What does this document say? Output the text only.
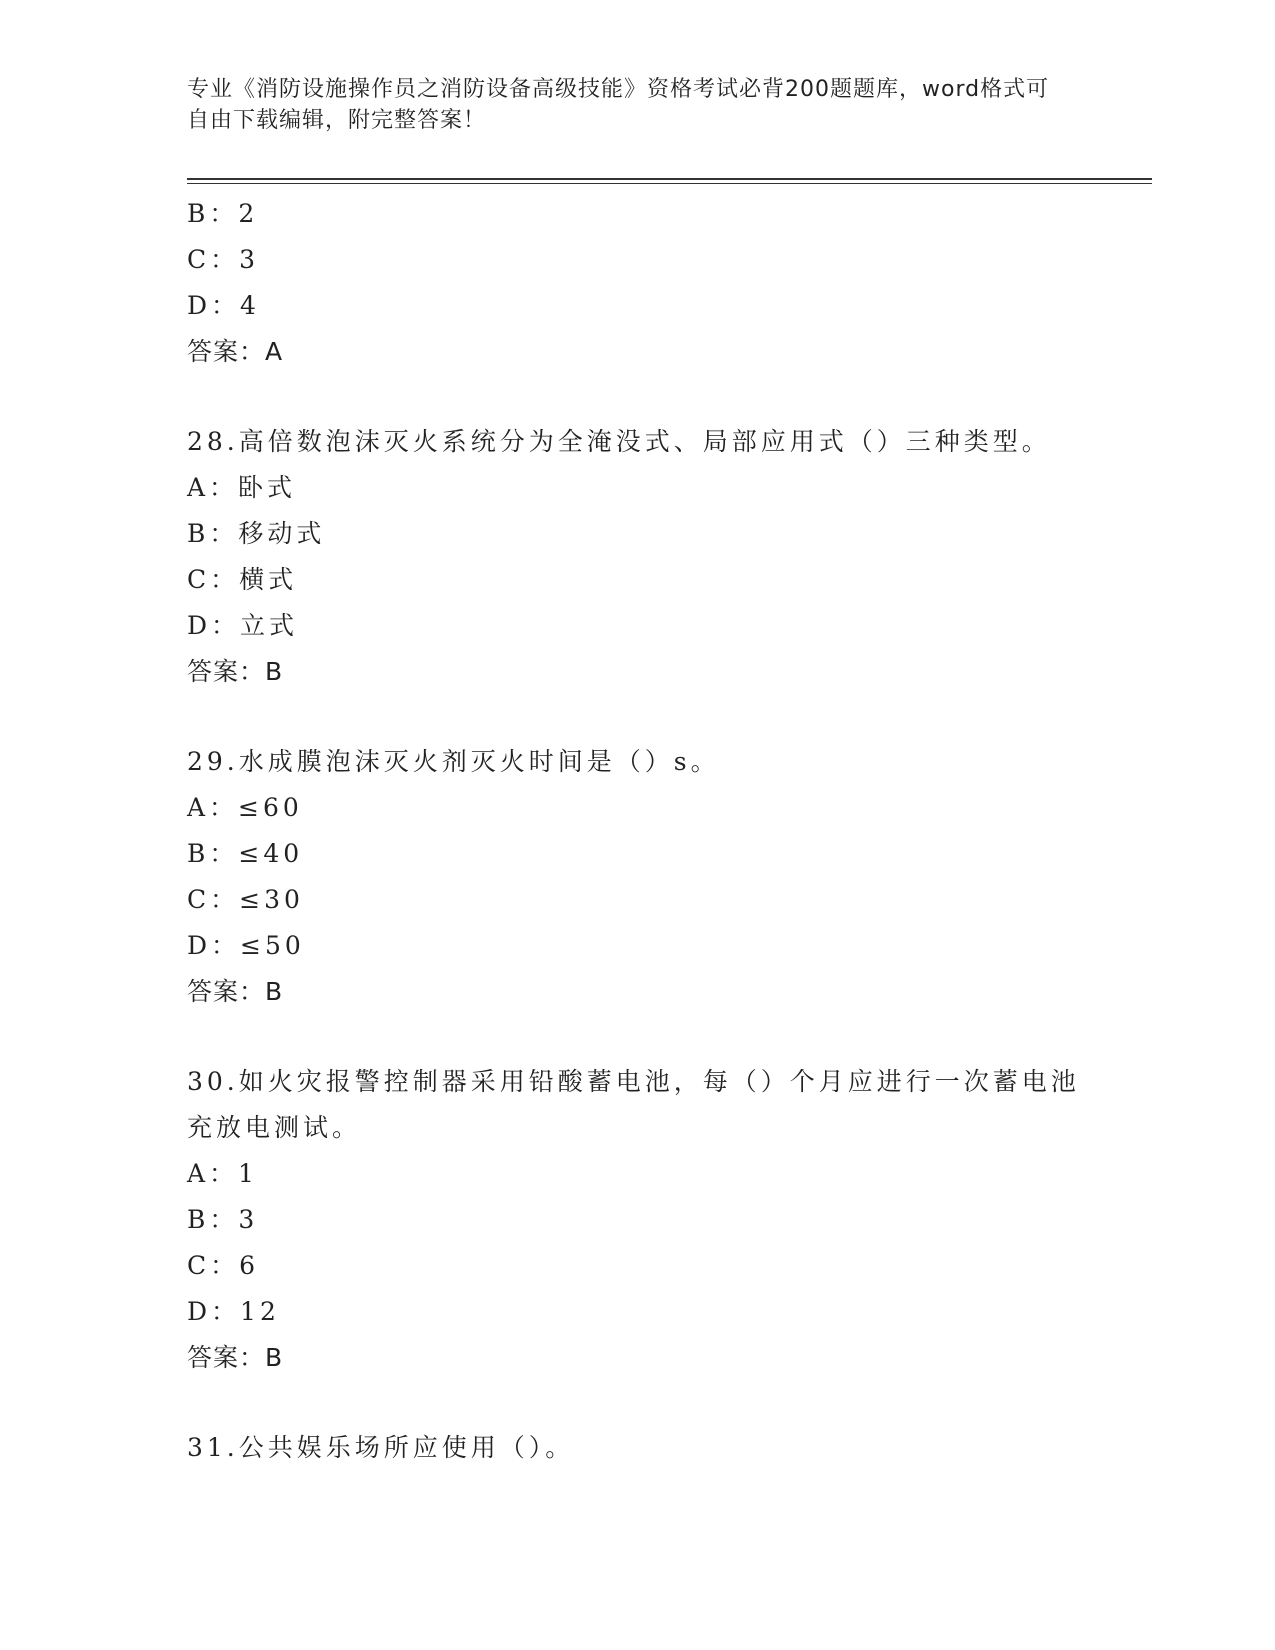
专业《消防设施操作员之消防设备高级技能》资格考试必背200题题库，word格式可自由下载编辑，附完整答案！
B：2
C：3
D：4
答案：A
28.高倍数泡沫灭火系统分为全淹没式、局部应用式（）三种类型。
A：卧式
B：移动式
C：横式
D：立式
答案：B
29.水成膜泡沫灭火剂灭火时间是（）s。
A：≤60
B：≤40
C：≤30
D：≤50
答案：B
30.如火灾报警控制器采用铅酸蓄电池，每（）个月应进行一次蓄电池充放电测试。
A：1
B：3
C：6
D：12
答案：B
31.公共娱乐场所应使用（）。
